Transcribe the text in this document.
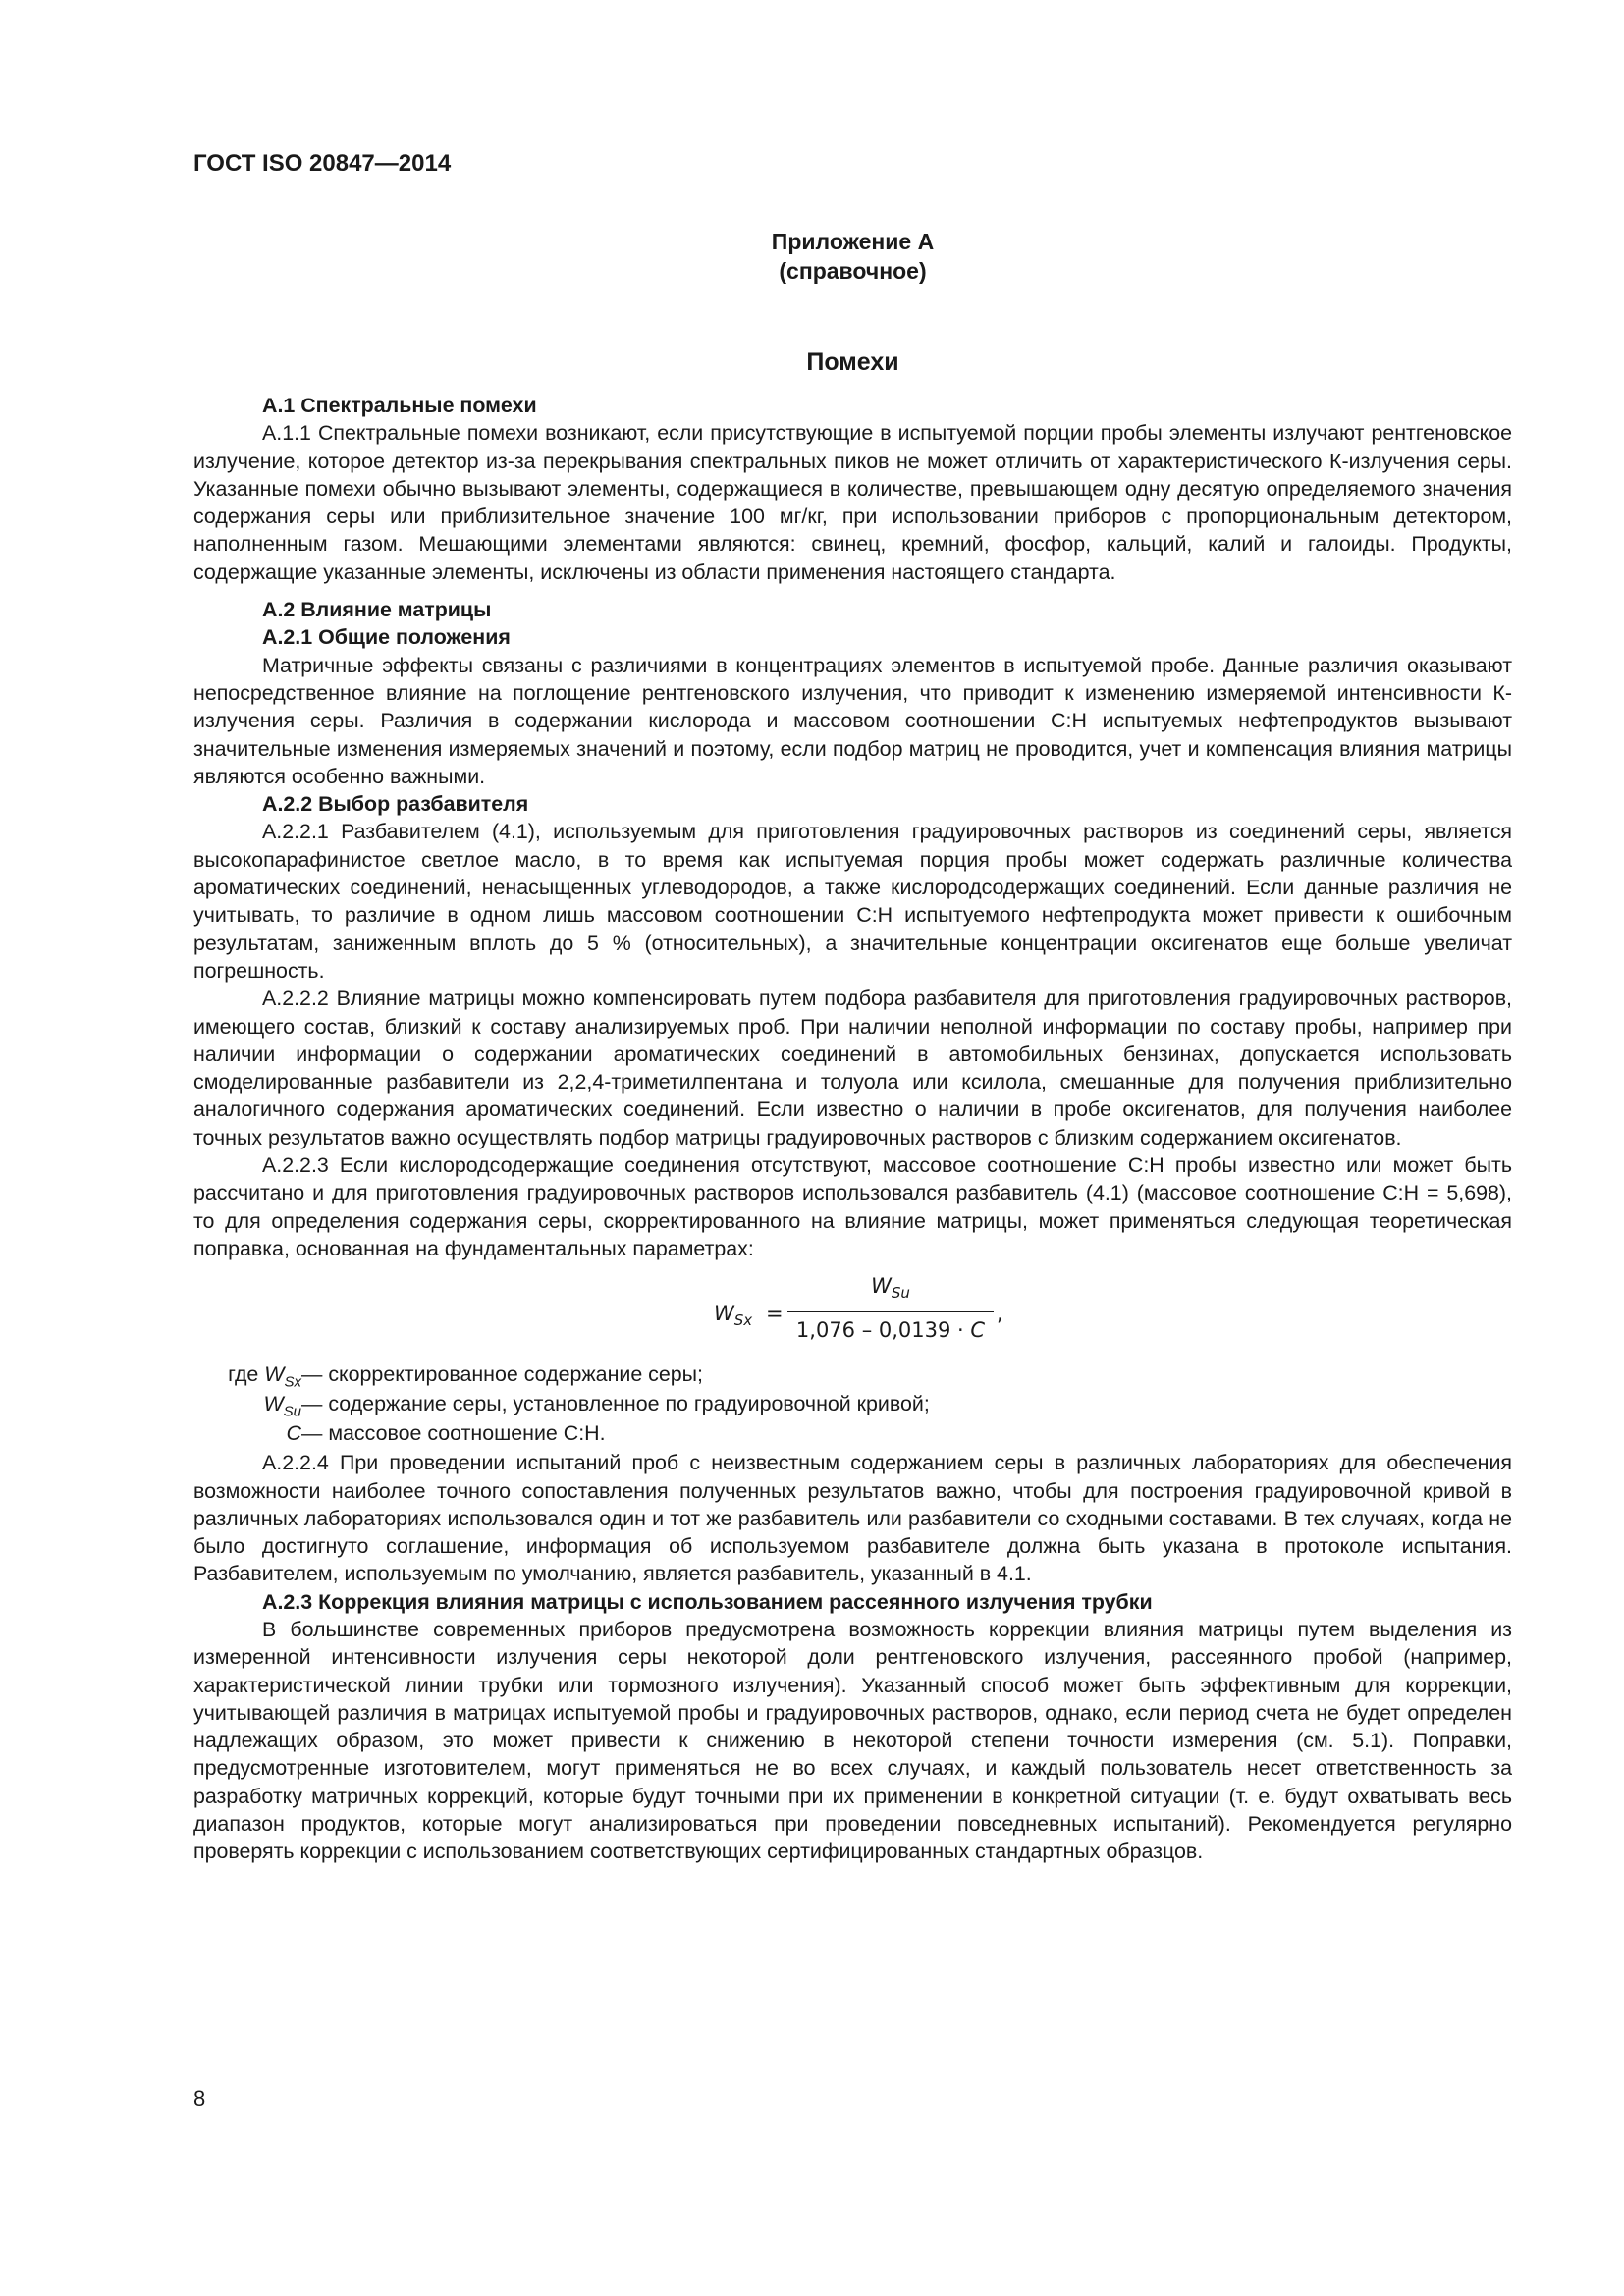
ГОСТ ISO 20847—2014

Приложение А

(справочное)

Помехи

А.1 Спектральные помехи

А.1.1 Спектральные помехи возникают, если присутствующие в испытуемой порции пробы элементы излучают рентгеновское излучение, которое детектор из-за перекрывания спектральных пиков не может отличить от характеристического К-излучения серы. Указанные помехи обычно вызывают элементы, содержащиеся в количестве, превышающем одну десятую определяемого значения содержания серы или приблизительное значение 100 мг/кг, при использовании приборов с пропорциональным детектором, наполненным газом. Мешающими элементами являются: свинец, кремний, фосфор, кальций, калий и галоиды. Продукты, содержащие указанные элементы, исключены из области применения настоящего стандарта.

А.2 Влияние матрицы
А.2.1 Общие положения

Матричные эффекты связаны с различиями в концентрациях элементов в испытуемой пробе. Данные различия оказывают непосредственное влияние на поглощение рентгеновского излучения, что приводит к изменению измеряемой интенсивности К-излучения серы. Различия в содержании кислорода и массовом соотношении C:H испытуемых нефтепродуктов вызывают значительные изменения измеряемых значений и поэтому, если подбор матриц не проводится, учет и компенсация влияния матрицы являются особенно важными.

А.2.2 Выбор разбавителя

А.2.2.1 Разбавителем (4.1), используемым для приготовления градуировочных растворов из соединений серы, является высокопарафинистое светлое масло, в то время как испытуемая порция пробы может содержать различные количества ароматических соединений, ненасыщенных углеводородов, а также кислородсодержащих соединений. Если данные различия не учитывать, то различие в одном лишь массовом соотношении С:Н испытуемого нефтепродукта может привести к ошибочным результатам, заниженным вплоть до 5 % (относительных), а значительные концентрации оксигенатов еще больше увеличат погрешность.

А.2.2.2 Влияние матрицы можно компенсировать путем подбора разбавителя для приготовления градуировочных растворов, имеющего состав, близкий к составу анализируемых проб. При наличии неполной информации по составу пробы, например при наличии информации о содержании ароматических соединений в автомобильных бензинах, допускается использовать смоделированные разбавители из 2,2,4-триметилпентана и толуола или ксилола, смешанные для получения приблизительно аналогичного содержания ароматических соединений. Если известно о наличии в пробе оксигенатов, для получения наиболее точных результатов важно осуществлять подбор матрицы градуировочных растворов с близким содержанием оксигенатов.

А.2.2.3 Если кислородсодержащие соединения отсутствуют, массовое соотношение С:Н пробы известно или может быть рассчитано и для приготовления градуировочных растворов использовался разбавитель (4.1) (массовое соотношение С:Н = 5,698), то для определения содержания серы, скорректированного на влияние матрицы, может применяться следующая теоретическая поправка, основанная на фундаментальных параметрах:

$W_{Sx}$ =
$W_{Su}$
1,076 – 0,0139 · C
,
где $W_{Sx}$ — скорректированное содержание серы;
$W_{Su}$ — содержание серы, установленное по градуировочной кривой;
C — массовое соотношение С:Н.

А.2.2.4 При проведении испытаний проб с неизвестным содержанием серы в различных лабораториях для обеспечения возможности наиболее точного сопоставления полученных результатов важно, чтобы для построения градуировочной кривой в различных лабораториях использовался один и тот же разбавитель или разбавители со сходными составами. В тех случаях, когда не было достигнуто соглашение, информация об используемом разбавителе должна быть указана в протоколе испытания. Разбавителем, используемым по умолчанию, является разбавитель, указанный в 4.1.

А.2.3 Коррекция влияния матрицы с использованием рассеянного излучения трубки

В большинстве современных приборов предусмотрена возможность коррекции влияния матрицы путем выделения из измеренной интенсивности излучения серы некоторой доли рентгеновского излучения, рассеянного пробой (например, характеристической линии трубки или тормозного излучения). Указанный способ может быть эффективным для коррекции, учитывающей различия в матрицах испытуемой пробы и градуировочных растворов, однако, если период счета не будет определен надлежащих образом, это может привести к снижению в некоторой степени точности измерения (см. 5.1). Поправки, предусмотренные изготовителем, могут применяться не во всех случаях, и каждый пользователь несет ответственность за разработку матричных коррекций, которые будут точными при их применении в конкретной ситуации (т. е. будут охватывать весь диапазон продуктов, которые могут анализироваться при проведении повседневных испытаний). Рекомендуется регулярно проверять коррекции с использованием соответствующих сертифицированных стандартных образцов.

8
